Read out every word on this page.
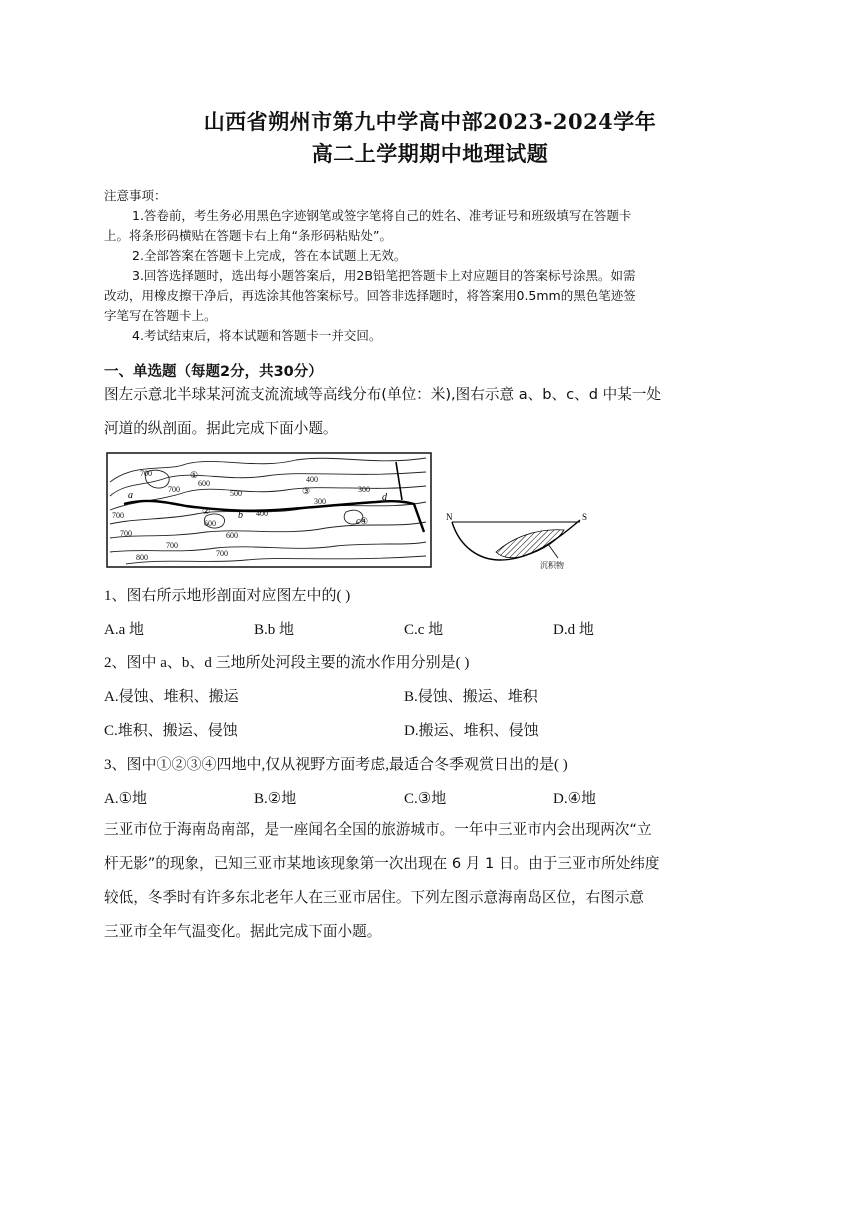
山西省朔州市第九中学高中部2023-2024学年
高二上学期期中地理试题

注意事项：

1.答卷前，考生务必用黑色字迹钢笔或签字笔将自己的姓名、准考证号和班级填写在答题卡

上。将条形码横贴在答题卡右上角“条形码粘贴处”。

2.全部答案在答题卡上完成，答在本试题上无效。

3.回答选择题时，选出每小题答案后，用2B铅笔把答题卡上对应题目的答案标号涂黑。如需

改动，用橡皮擦干净后，再选涂其他答案标号。回答非选择题时，将答案用0.5mm的黑色笔迹签

字笔写在答题卡上。

4.考试结束后，将本试题和答题卡一并交回。

一、单选题（每题2分，共30分）

图左示意北半球某河流支流流域等高线分布(单位：米),图右示意 a、b、c、d 中某一处

河道的纵剖面。据此完成下面小题。

700
700
600
500
700
700
600
400
300
400
300
600
700
800	700
a
b
c
d
①
②
③
④	N	S
沉积物
1、图右所示地形剖面对应图左中的( )
A.a 地	B.b 地	C.c 地	D.d 地
2、图中 a、b、d 三地所处河段主要的流水作用分别是( )
A.侵蚀、堆积、搬运	B.侵蚀、搬运、堆积
C.堆积、搬运、侵蚀	D.搬运、堆积、侵蚀
3、图中①②③④四地中,仅从视野方面考虑,最适合冬季观赏日出的是( )
A.①地	B.②地	C.③地	D.④地

三亚市位于海南岛南部，是一座闻名全国的旅游城市。一年中三亚市内会出现两次“立

杆无影”的现象，已知三亚市某地该现象第一次出现在 6 月 1 日。由于三亚市所处纬度

较低，冬季时有许多东北老年人在三亚市居住。下列左图示意海南岛区位，右图示意

三亚市全年气温变化。据此完成下面小题。
